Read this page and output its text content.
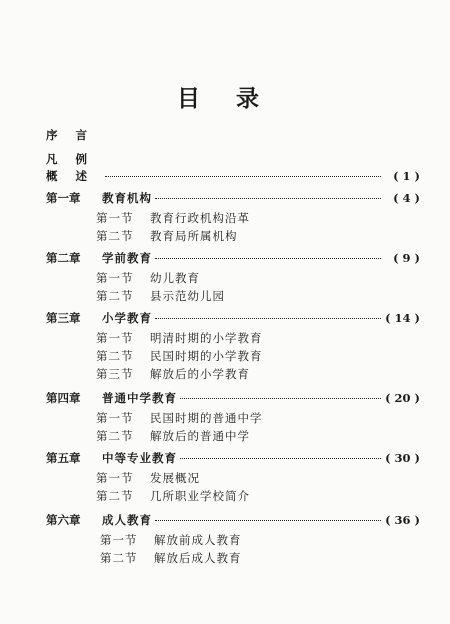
目 录
序 言
凡 例
概 述	( 1 )
第一章	教育机构	( 4 )
第一节	教育行政机构沿革
第二节	教育局所属机构
第二章	学前教育	( 9 )
第一节	幼儿教育
第二节	县示范幼儿园
第三章	小学教育	( 14 )
第一节	明清时期的小学教育
第二节	民国时期的小学教育
第三节	解放后的小学教育
第四章	普通中学教育	( 20 )
第一节	民国时期的普通中学
第二节	解放后的普通中学
第五章	中等专业教育	( 30 )
第一节	发展概况
第二节	几所职业学校简介
第六章	成人教育	( 36 )
第一节	解放前成人教育
第二节	解放后成人教育
